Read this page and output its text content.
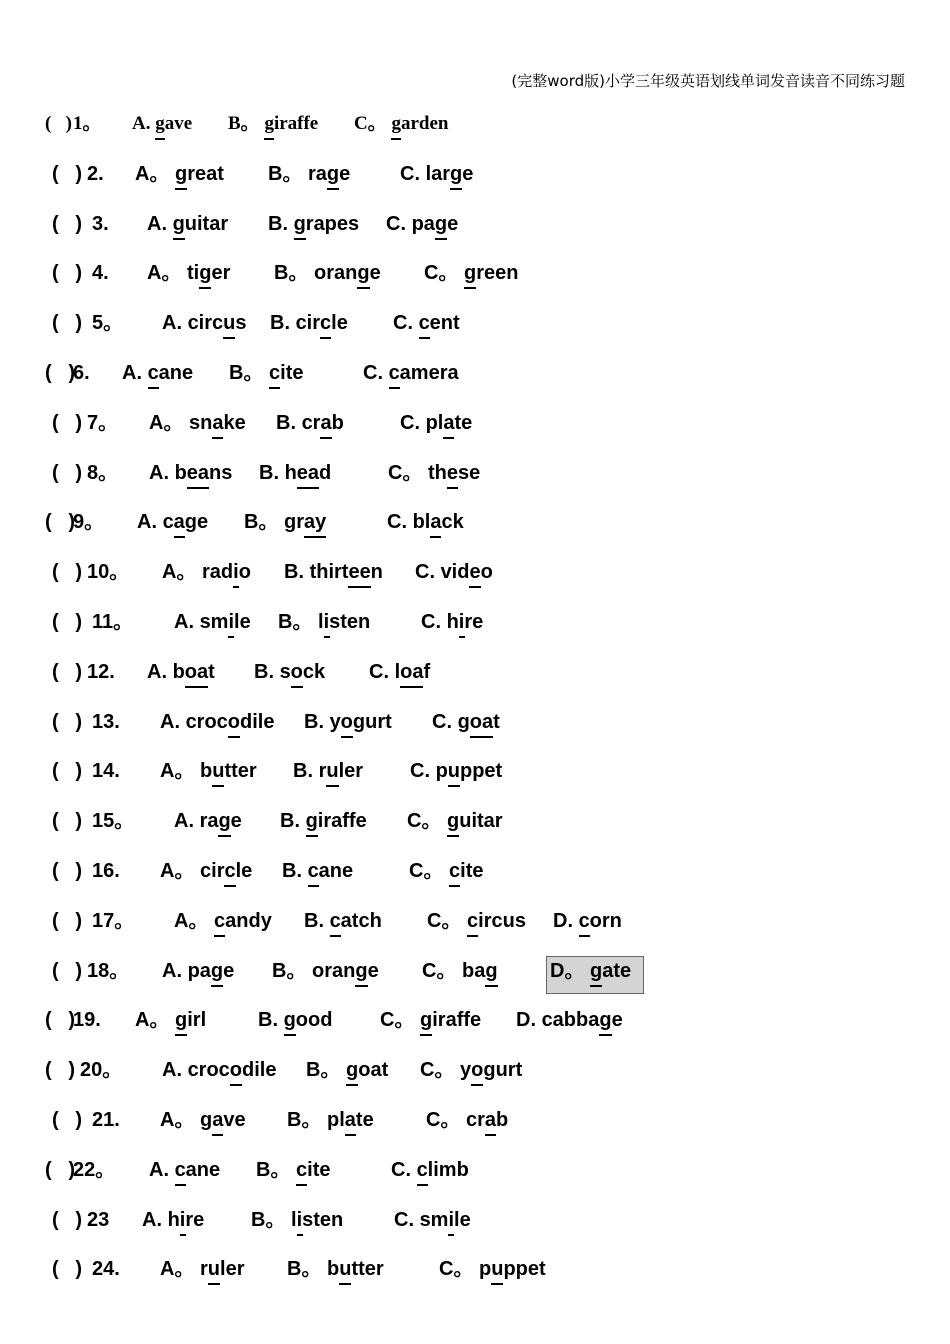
(完整word版)小学三年级英语划线单词发音读音不同练习题
(   ) 1。 A. gave B。 giraffe C。 garden
(   ) 2. A。 great B。 rage C. large
(   ) 3. A. guitar B. grapes C. page
(   ) 4. A。 tiger B。 orange C。 green
(   ) 5。 A. circus B. circle C. cent
(   )
6. A. cane B。 cite	C. camera
(   ) 7。 A。 snake B. crab	C. plate
(   ) 8。 A. beans B. head	C。 these
(   )
9。 A. cage B。 gray	C. black
(   ) 10。 A。 radio B. thirteen C. video
(   ) 11。 A. smile B。 listen	C. hire
(   ) 12. A. boat B. sock C. loaf
(   ) 13. A. crocodile B. yogurt C. goat
(   ) 14. A。 butter B. ruler C. puppet
(   ) 15。 A. rage B. giraffe C。 guitar
(   ) 16. A。 circle B. cane	C。 cite
(   ) 17。 A。 candy B. catch C。 circus D. corn
(   ) 18。 A. page B。 orange C。 bag	D。 gate
(   )
19. A。 girl	B. good C。 giraffe D. cabbage
(   ) 20。 A. crocodile B。 goat C。 yogurt
(   ) 21. A。 gave B。 plate	C。 crab
(   )
22。 A. cane B。 cite	C. climb
(   ) 23 A. hire B。 listen	C. smile
(   ) 24. A。 ruler B。 butter	C。 puppet
